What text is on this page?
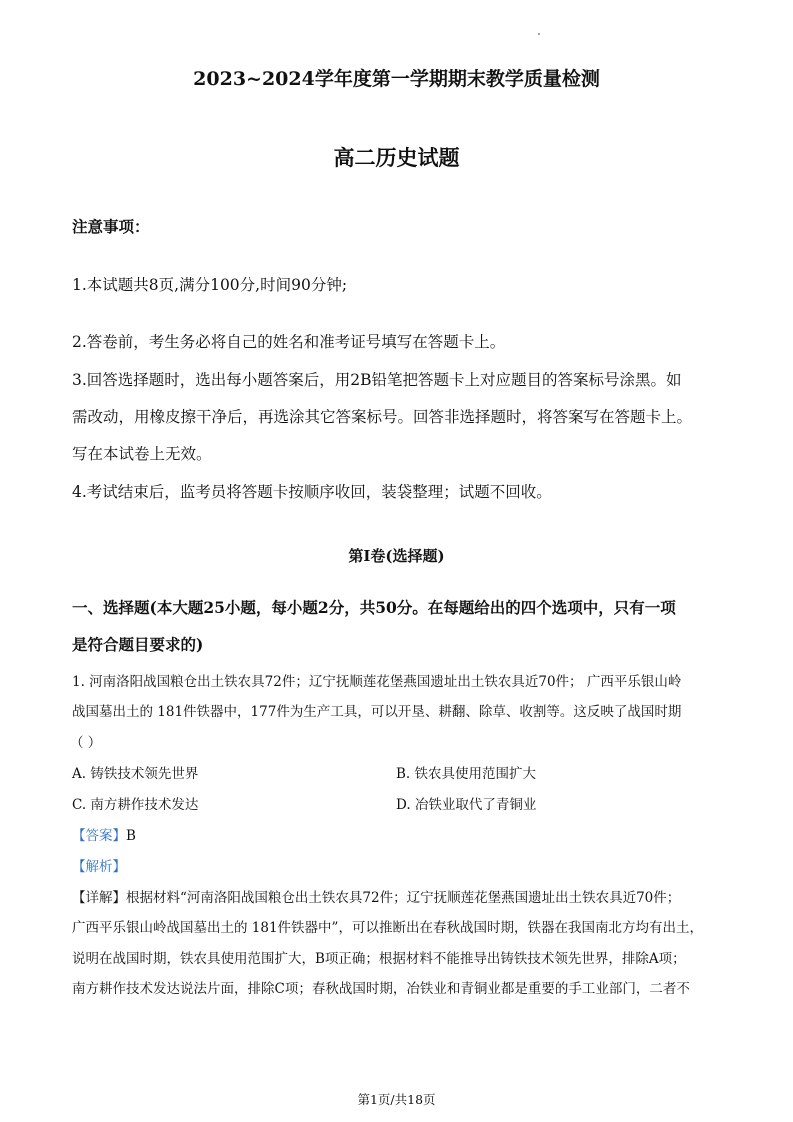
2023~2024学年度第一学期期末教学质量检测
高二历史试题
注意事项：
1.本试题共8页,满分100分,时间90分钟;
2.答卷前，考生务必将自己的姓名和准考证号填写在答题卡上。
3.回答选择题时，选出每小题答案后，用2B铅笔把答题卡上对应题目的答案标号涂黑。如
需改动，用橡皮擦干净后，再选涂其它答案标号。回答非选择题时，将答案写在答题卡上。
写在本试卷上无效。
4.考试结束后，监考员将答题卡按顺序收回，装袋整理；试题不回收。
第Ⅰ卷(选择题)
一、选择题(本大题25小题，每小题2分，共50分。在每题给出的四个选项中，只有一项
是符合题目要求的)
1. 河南洛阳战国粮仓出土铁农具72件；辽宁抚顺莲花堡燕国遗址出土铁农具近70件； 广西平乐银山岭
战国墓出土的 181件铁器中，177件为生产工具，可以开垦、耕翻、除草、收割等。这反映了战国时期
（ ）
A. 铸铁技术领先世界	B. 铁农具使用范围扩大
C. 南方耕作技术发达	D. 冶铁业取代了青铜业
【答案】B
【解析】
【详解】根据材料“河南洛阳战国粮仓出土铁农具72件；辽宁抚顺莲花堡燕国遗址出土铁农具近70件；
广西平乐银山岭战国墓出土的 181件铁器中”，可以推断出在春秋战国时期，铁器在我国南北方均有出土，
说明在战国时期，铁农具使用范围扩大，B项正确；根据材料不能推导出铸铁技术领先世界，排除A项；
南方耕作技术发达说法片面，排除C项；春秋战国时期，冶铁业和青铜业都是重要的手工业部门，二者不
第1页/共18页
